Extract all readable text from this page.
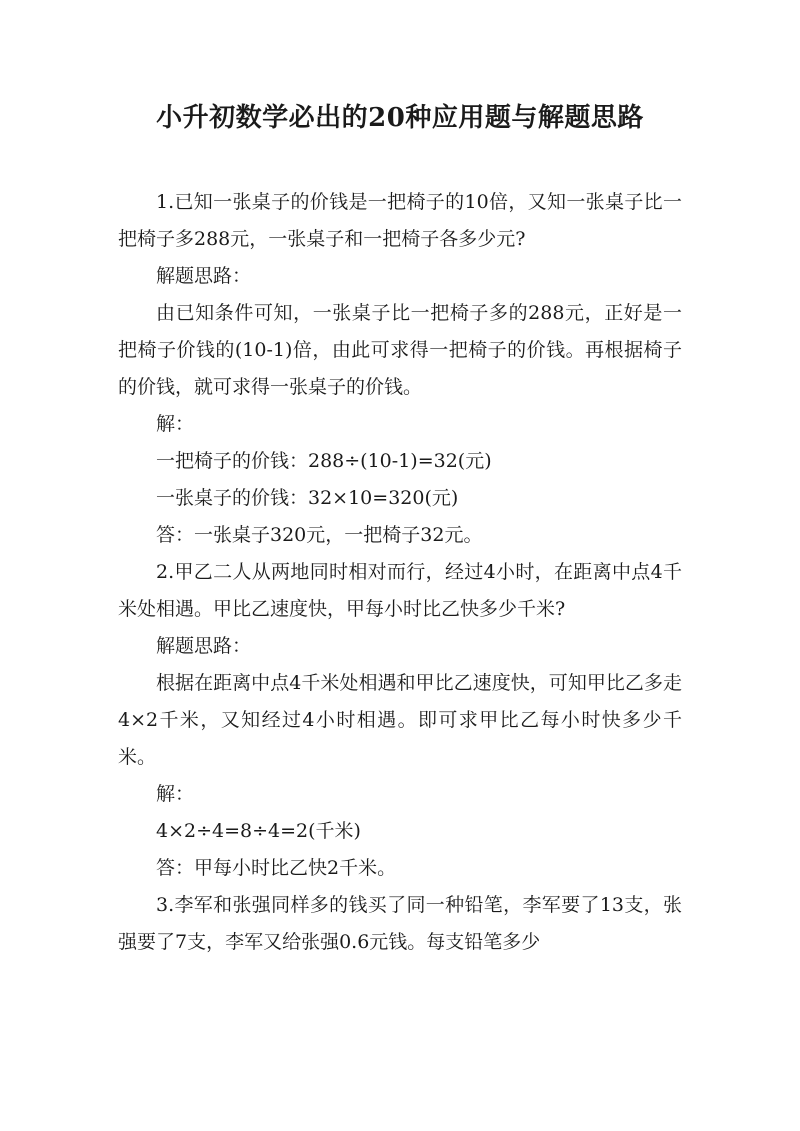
小升初数学必出的20种应用题与解题思路

1.已知一张桌子的价钱是一把椅子的10倍，又知一张桌子比一把椅子多288元，一张桌子和一把椅子各多少元?

解题思路：

由已知条件可知，一张桌子比一把椅子多的288元，正好是一把椅子价钱的(10-1)倍，由此可求得一把椅子的价钱。再根据椅子的价钱，就可求得一张桌子的价钱。

解：

一把椅子的价钱：288÷(10-1)=32(元)

一张桌子的价钱：32×10=320(元)

答：一张桌子320元，一把椅子32元。

2.甲乙二人从两地同时相对而行，经过4小时，在距离中点4千米处相遇。甲比乙速度快，甲每小时比乙快多少千米?

解题思路：

根据在距离中点4千米处相遇和甲比乙速度快，可知甲比乙多走4×2千米，又知经过4小时相遇。即可求甲比乙每小时快多少千米。

解：

4×2÷4=8÷4=2(千米)

答：甲每小时比乙快2千米。

3.李军和张强同样多的钱买了同一种铅笔，李军要了13支，张强要了7支，李军又给张强0.6元钱。每支铅笔多少
